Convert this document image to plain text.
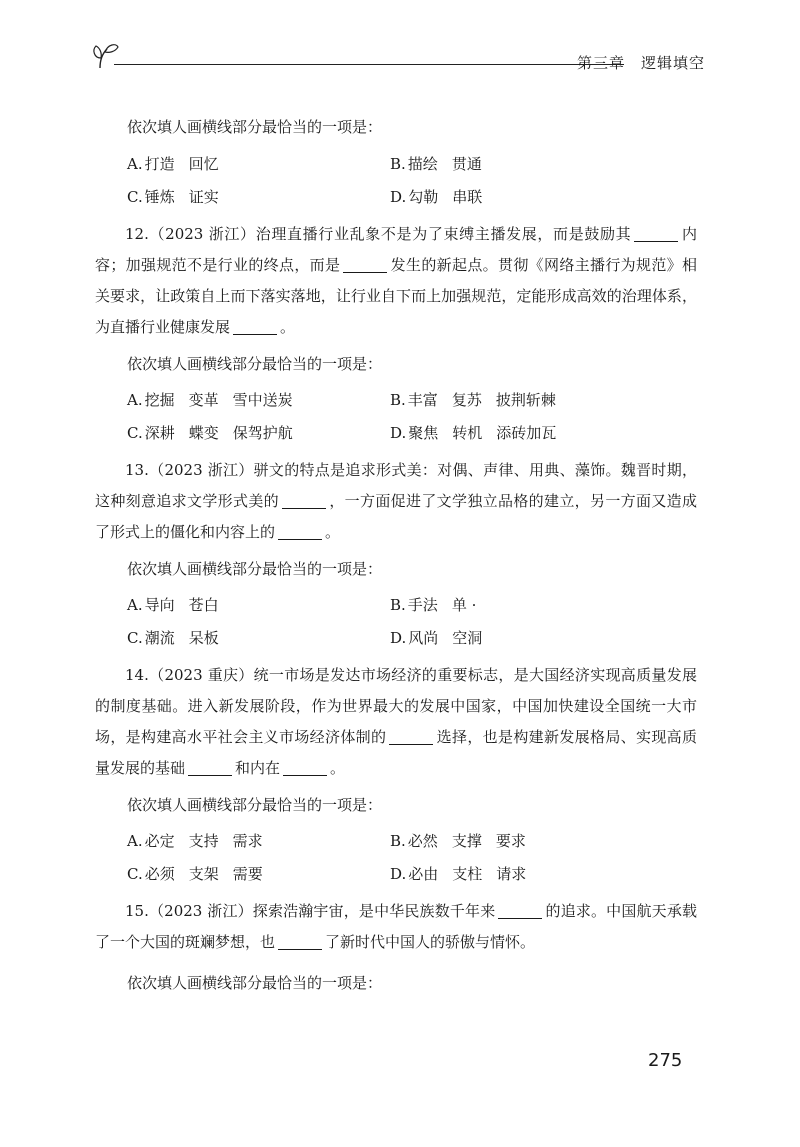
第三章　逻辑填空

依次填人画横线部分最恰当的一项是：

A. 打造 回忆	B. 描绘 贯通
C. 锤炼 证实	D. 勾勒 串联

12.（2023 浙江）治理直播行业乱象不是为了束缚主播发展，而是鼓励其	内容；加强规范不是行业的终点，而是	发生的新起点。贯彻《网络主播行为规范》相关要求，让政策自上而下落实落地，让行业自下而上加强规范，定能形成高效的治理体系，为直播行业健康发展	。

依次填人画横线部分最恰当的一项是：

A. 挖掘 变革 雪中送炭	B. 丰富 复苏 披荆斩棘
C. 深耕 蝶变 保驾护航	D. 聚焦 转机 添砖加瓦

13.（2023 浙江）骈文的特点是追求形式美：对偶、声律、用典、藻饰。魏晋时期，这种刻意追求文学形式美的	，一方面促进了文学独立品格的建立，另一方面又造成了形式上的僵化和内容上的	。

依次填人画横线部分最恰当的一项是：

A. 导向 苍白	B. 手法 单 ·
C. 潮流 呆板	D. 风尚 空洞

14.（2023 重庆）统一市场是发达市场经济的重要标志，是大国经济实现高质量发展的制度基础。进入新发展阶段，作为世界最大的发展中国家，中国加快建设全国统一大市场，是构建高水平社会主义市场经济体制的	选择，也是构建新发展格局、实现高质量发展的基础	和内在	。

依次填人画横线部分最恰当的一项是：

A. 必定 支持 需求	B. 必然 支撑 要求
C. 必须 支架 需要	D. 必由 支柱 请求

15.（2023 浙江）探索浩瀚宇宙，是中华民族数千年来	的追求。中国航天承载了一个大国的斑斓梦想，也	了新时代中国人的骄傲与情怀。

依次填人画横线部分最恰当的一项是：

275
